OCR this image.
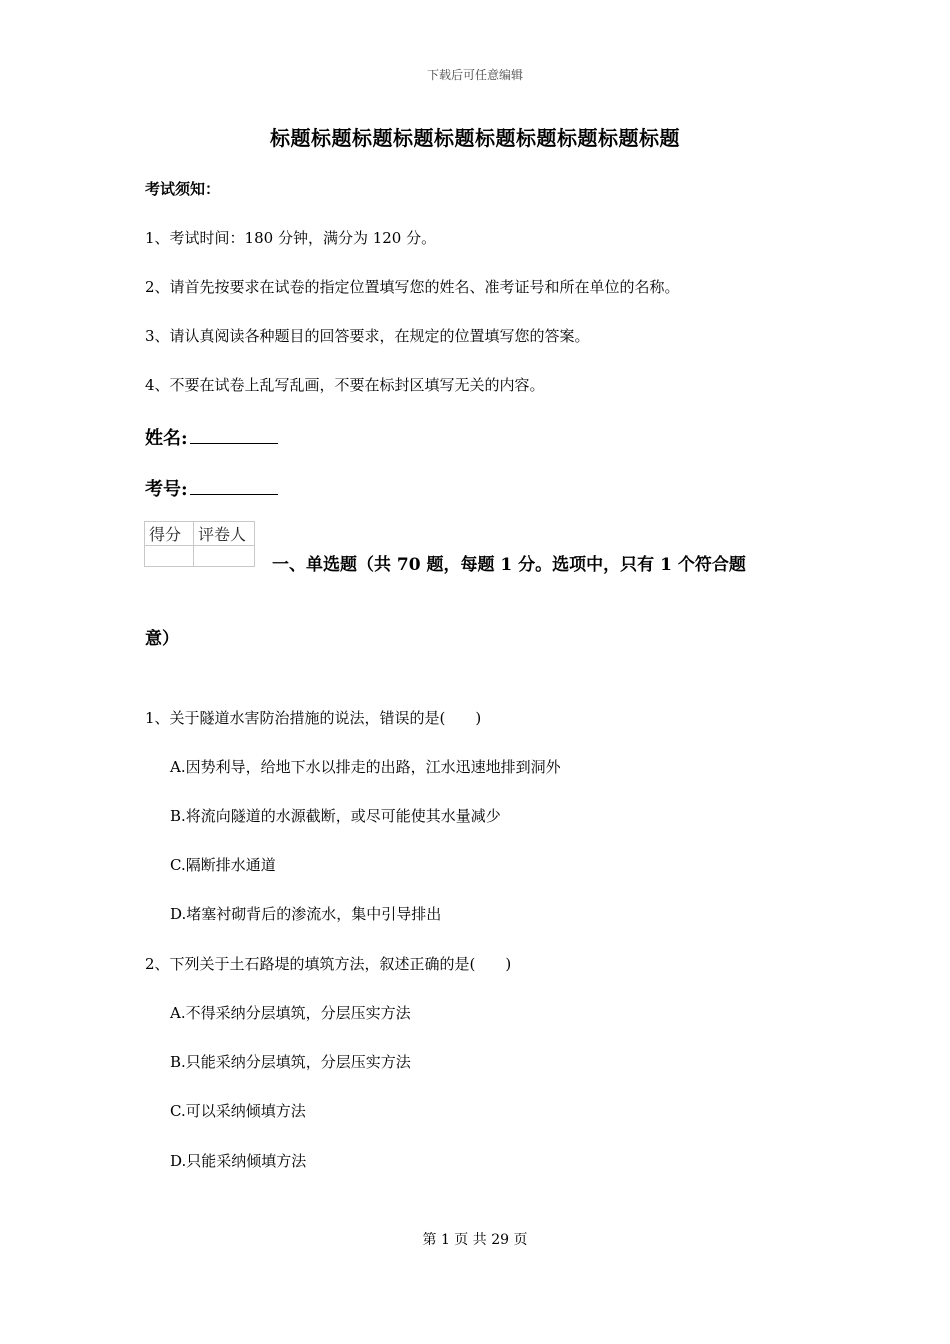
下载后可任意编辑
标题标题标题标题标题标题标题标题标题标题
考试须知：
1、考试时间：180 分钟，满分为 120 分。
2、请首先按要求在试卷的指定位置填写您的姓名、准考证号和所在单位的名称。
3、请认真阅读各种题目的回答要求，在规定的位置填写您的答案。
4、不要在试卷上乱写乱画，不要在标封区填写无关的内容。
姓名:
考号:
得分	评卷人

一、单选题（共 70 题，每题 1 分。选项中，只有 1 个符合题
意）
1、关于隧道水害防治措施的说法，错误的是(　　)
A.因势利导，给地下水以排走的出路，江水迅速地排到洞外
B.将流向隧道的水源截断，或尽可能使其水量减少
C.隔断排水通道
D.堵塞衬砌背后的渗流水，集中引导排出
2、下列关于土石路堤的填筑方法，叙述正确的是(　　)
A.不得采纳分层填筑，分层压实方法
B.只能采纳分层填筑，分层压实方法
C.可以采纳倾填方法
D.只能采纳倾填方法
第 1 页 共 29 页
